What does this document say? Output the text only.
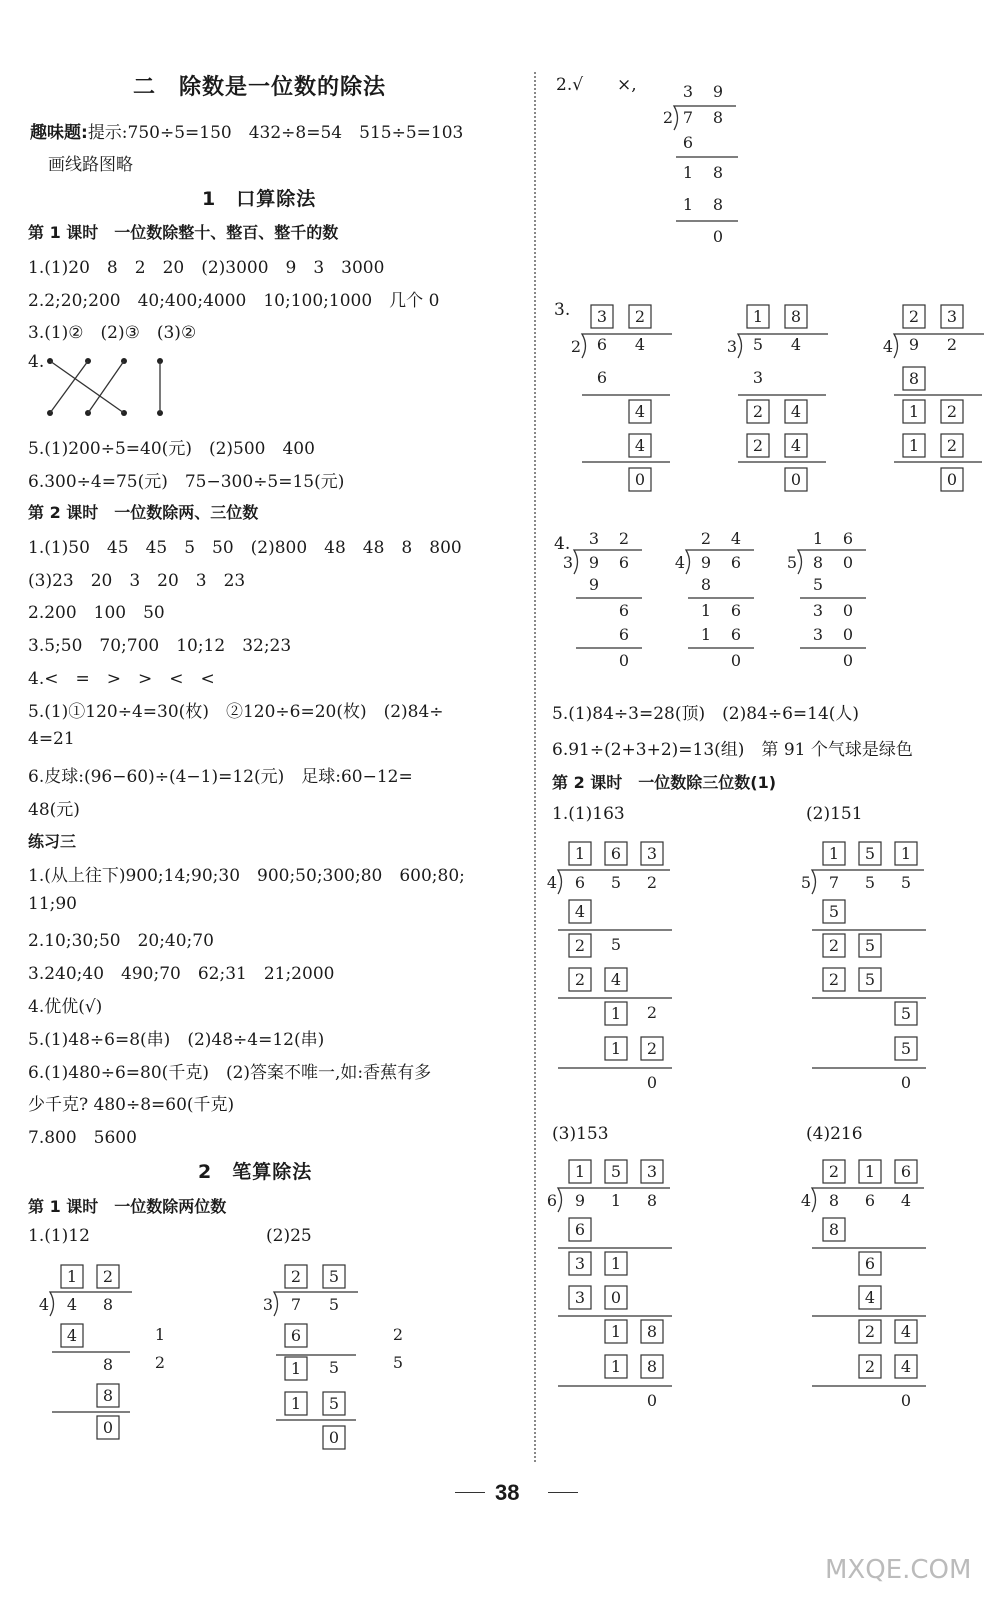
二　除数是一位数的除法
趣味题:提示:750÷5=150　432÷8=54　515÷5=103
画线路图略
1　口算除法
第 1 课时　一位数除整十、整百、整千的数
1.(1)20　8　2　20　(2)3000　9　3　3000
2.2;20;200　40;400;4000　10;100;1000　几个 0
3.(1)②　(2)③　(3)②
4.
5.(1)200÷5=40(元)　(2)500　400
6.300÷4=75(元)　75−300÷5=15(元)
第 2 课时　一位数除两、三位数
1.(1)50　45　45　5　50　(2)800　48　48　8　800
(3)23　20　3　20　3　23
2.200　100　50
3.5;50　70;700　10;12　32;23
4.<　=　>　>　<　<
5.(1)①120÷4=30(枚)　②120÷6=20(枚)　(2)84÷
4=21
6.皮球:(96−60)÷(4−1)=12(元)　足球:60−12=
48(元)
练习三
1.(从上往下)900;14;90;30　900;50;300;80　600;80;
11;90
2.10;30;50　20;40;70
3.240;40　490;70　62;31　21;2000
4.优优(√)
5.(1)48÷6=8(串)　(2)48÷4=12(串)
6.(1)480÷6=80(千克)　(2)答案不唯一,如:香蕉有多
少千克? 480÷8=60(千克)
7.800　5600
2　笔算除法
第 1 课时　一位数除两位数
1.(1)12	(2)25
2.√　　×,
3.
4.
5.(1)84÷3=28(顶)　(2)84÷6=14(人)
6.91÷(2+3+2)=13(组)　第 91 个气球是绿色
第 2 课时　一位数除三位数(1)
1.(1)163	(2)151
(3)153	(4)216
1 2
4 4 8
4	1
8	2
8
0
2 5
3 7 5
6	2
1 5	5
1 5
0
3 9
2 7 8
6
1 8
1 8
0
3 2
2 6 4
6
4
4
0
1 8
3 5 4
3
2 4
2 4
0
2 3
4 9 2
8
1 2
1 2
0
3 2
3 9 6
9
6
6
0
2 4
4 9 6
8
1 6
1 6
0
1 6
5 8 0
5
3 0
3 0
0
1 6 3
4 6 5 2
4
2 5
2 4
1 2
1 2
0
1 5 1
5 7 5 5
5
2 5
2 5
5
5
0
1 5 3
6 9 1 8
6
3 1
3 0
1 8
1 8
0
2 1 6
4 8 6 4
8
6
4
2 4
2 4
0
38
MXQE.COM
